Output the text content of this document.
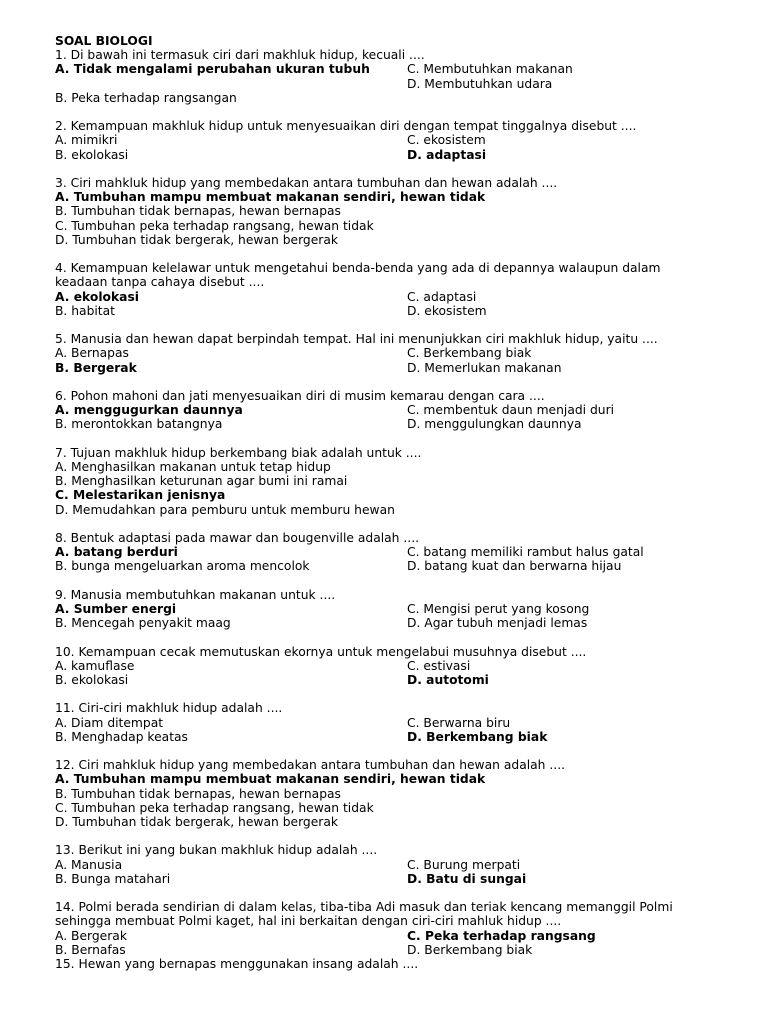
SOAL BIOLOGI
1. Di bawah ini termasuk ciri dari makhluk hidup, kecuali ....
A. Tidak mengalami perubahan ukuran tubuh	C. Membutuhkan makanan
D. Membutuhkan udara
B. Peka terhadap rangsangan
2. Kemampuan makhluk hidup untuk menyesuaikan diri dengan tempat tinggalnya disebut ....
A. mimikri	C. ekosistem
B. ekolokasi	D. adaptasi
3. Ciri mahkluk hidup yang membedakan antara tumbuhan dan hewan adalah ....
A. Tumbuhan mampu membuat makanan sendiri, hewan tidak
B. Tumbuhan tidak bernapas, hewan bernapas
C. Tumbuhan peka terhadap rangsang, hewan tidak
D. Tumbuhan tidak bergerak, hewan bergerak
4. Kemampuan kelelawar untuk mengetahui benda-benda yang ada di depannya walaupun dalam keadaan tanpa cahaya disebut ....
A. ekolokasi	C. adaptasi
B. habitat	D. ekosistem
5. Manusia dan hewan dapat berpindah tempat. Hal ini menunjukkan ciri makhluk hidup, yaitu ....
A. Bernapas	C. Berkembang biak
B. Bergerak	D. Memerlukan makanan
6. Pohon mahoni dan jati menyesuaikan diri di musim kemarau dengan cara ....
A. menggugurkan daunnya	C. membentuk daun menjadi duri
B. merontokkan batangnya	D. menggulungkan daunnya
7. Tujuan makhluk hidup berkembang biak adalah untuk ....
A. Menghasilkan makanan untuk tetap hidup
B. Menghasilkan keturunan agar bumi ini ramai
C. Melestarikan jenisnya
D. Memudahkan para pemburu untuk memburu hewan
8. Bentuk adaptasi pada mawar dan bougenville adalah ....
A. batang berduri	C. batang memiliki rambut halus gatal
B. bunga mengeluarkan aroma mencolok	D. batang kuat dan berwarna hijau
9. Manusia membutuhkan makanan untuk ....
A. Sumber energi	C. Mengisi perut yang kosong
B. Mencegah penyakit maag	D. Agar tubuh menjadi lemas
10. Kemampuan cecak memutuskan ekornya untuk mengelabui musuhnya disebut ....
A. kamuflase	C. estivasi
B. ekolokasi	D. autotomi
11. Ciri-ciri makhluk hidup adalah ....
A. Diam ditempat	C. Berwarna biru
B. Menghadap keatas	D. Berkembang biak
12. Ciri mahkluk hidup yang membedakan antara tumbuhan dan hewan adalah ....
A. Tumbuhan mampu membuat makanan sendiri, hewan tidak
B. Tumbuhan tidak bernapas, hewan bernapas
C. Tumbuhan peka terhadap rangsang, hewan tidak
D. Tumbuhan tidak bergerak, hewan bergerak
13. Berikut ini yang bukan makhluk hidup adalah ....
A. Manusia	C. Burung merpati
B. Bunga matahari	D. Batu di sungai
14. Polmi berada sendirian di dalam kelas, tiba-tiba Adi masuk dan teriak kencang memanggil Polmi sehingga membuat Polmi kaget, hal ini berkaitan dengan ciri-ciri mahluk hidup ....
A. Bergerak	C. Peka terhadap rangsang
B. Bernafas	D. Berkembang biak
15. Hewan yang bernapas menggunakan insang adalah ....
